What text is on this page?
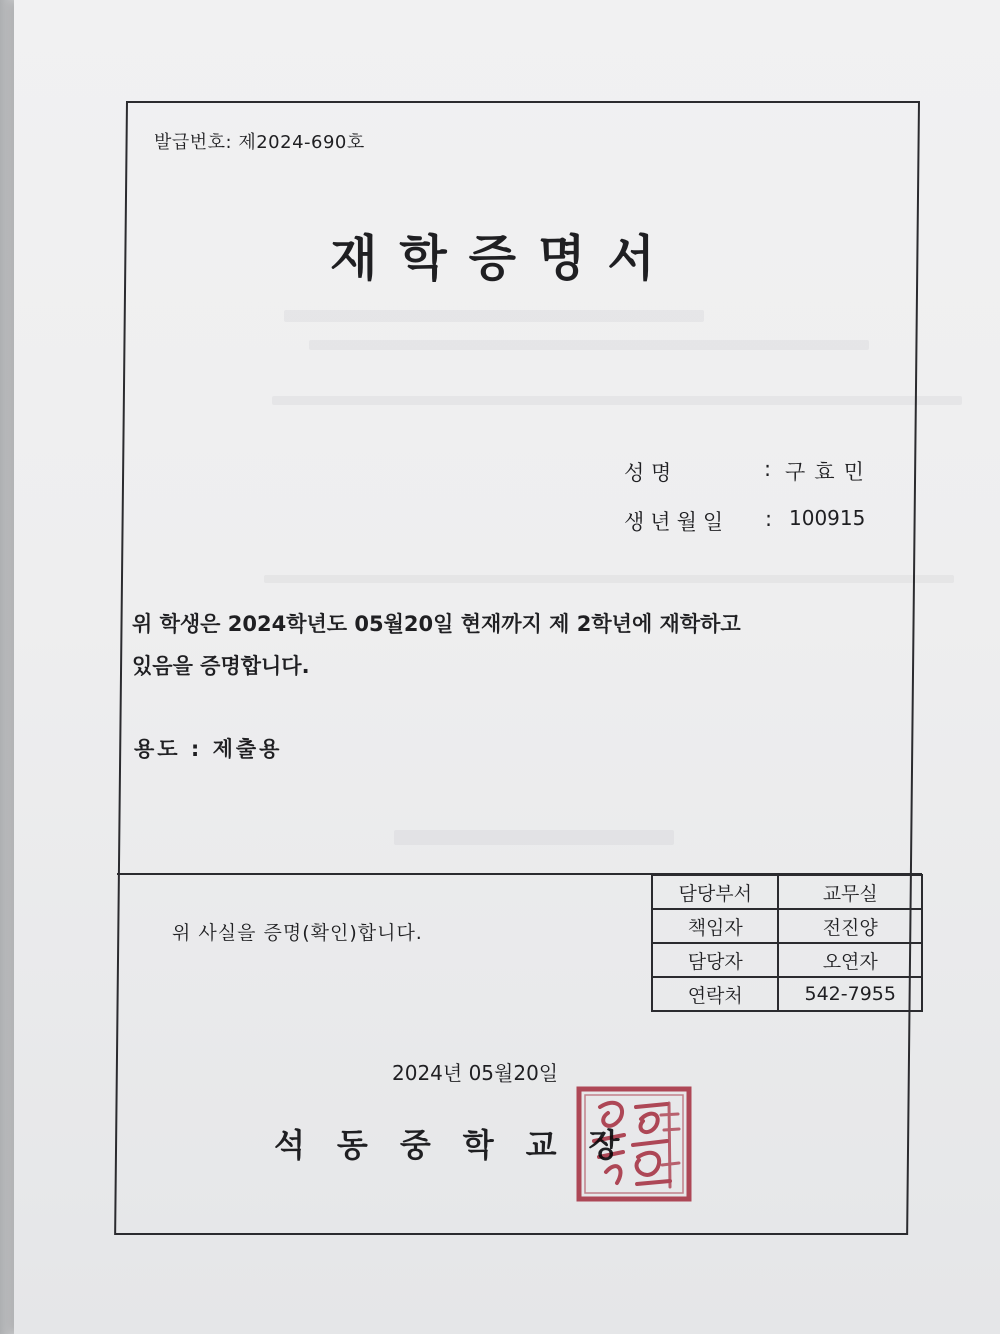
발급번호: 제2024-690호
재학증명서
성 명	: 구효민
생년월일 : 100915
위 학생은 2024학년도 05월20일 현재까지 제 2학년에 재학하고
있음을 증명합니다.
용도 : 제출용
위 사실을 증명(확인)합니다.
담당부서	교무실
책임자	전진양
담당자	오연자
연락처	542-7955
2024년 05월20일
석동중학교장
